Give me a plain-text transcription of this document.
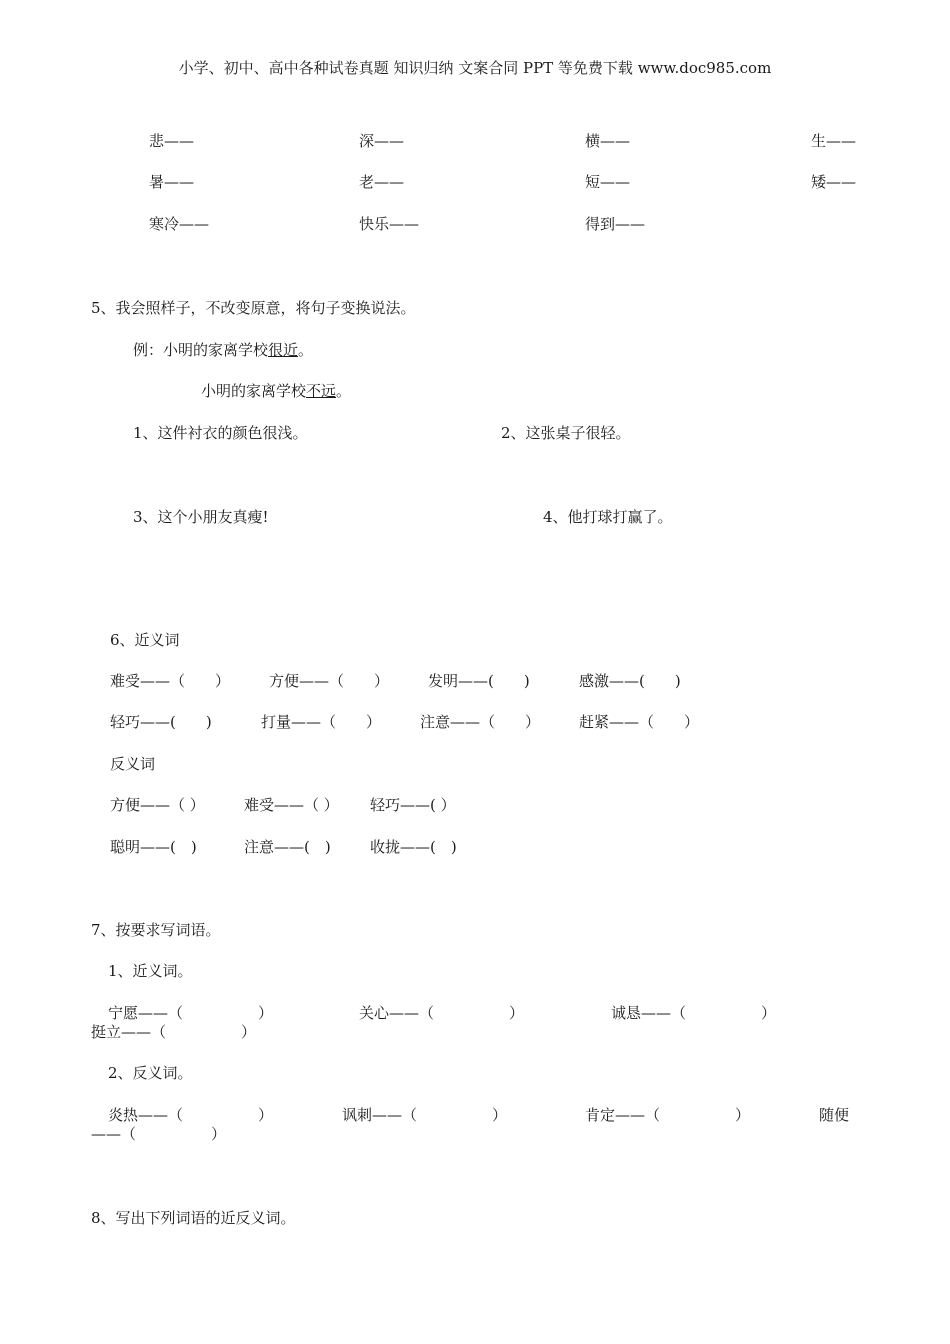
小学、初中、高中各种试卷真题 知识归纳 文案合同 PPT 等免费下载 www.doc985.com
悲——	深——	横——	生——
暑——	老——	短——	矮——
寒冷——	快乐——	得到——
5、我会照样子，不改变原意，将句子变换说法。
例：小明的家离学校很近。
小明的家离学校不远。
1、这件衬衣的颜色很浅。	2、这张桌子很轻。
3、这个小朋友真瘦!	4、他打球打赢了。
6、近义词
难受——（　　）	方便——（　　）	发明——(　　)	感激——(　　)
轻巧——(　　)	打量——（　　）	注意——（　　）	赶紧——（　　）
反义词
方便——（ ）	难受——（ ） 轻巧——( ）
聪明——(　)	注意——(　)	收拢——(　)
7、按要求写词语。
1、近义词。
宁愿——（　　　　　）	关心——（　　　　　）	诚恳——（　　　　　）
挺立——（　　　　　）
2、反义词。
炎热——（　　　　　）	讽刺——（　　　　　）	肯定——（　　　　　）	随便
——（　　　　　）
8、写出下列词语的近反义词。
